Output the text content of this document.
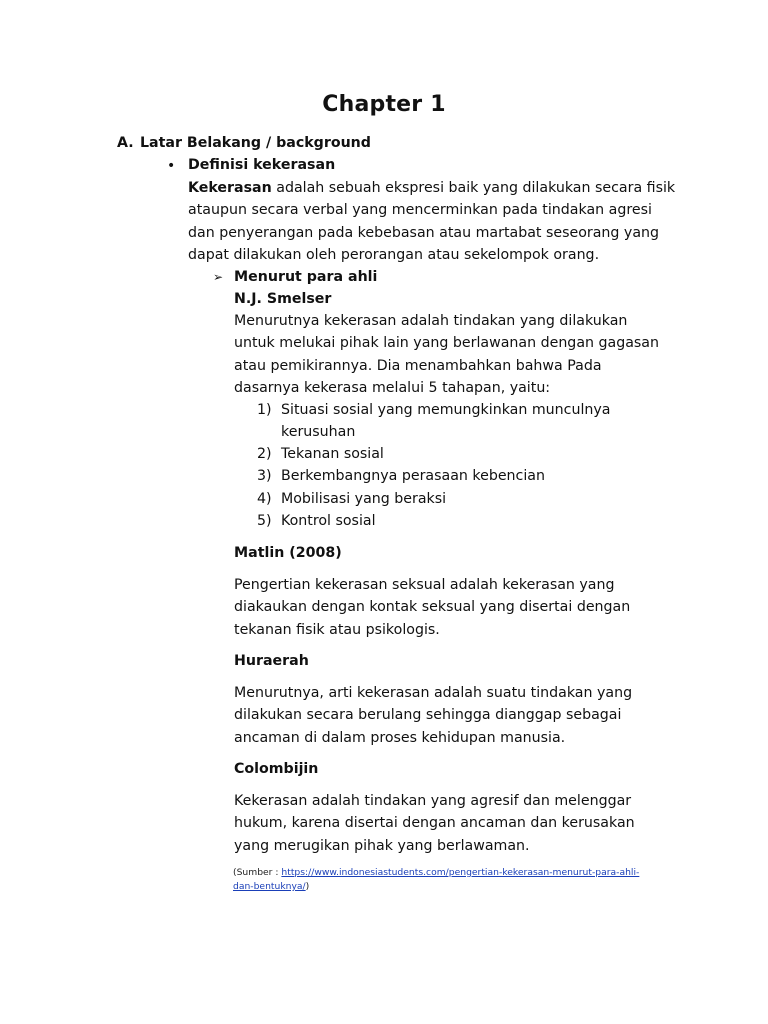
Chapter 1
A. Latar Belakang / background
• Definisi kekerasan
Kekerasan adalah sebuah ekspresi baik yang dilakukan secara fisik
ataupun secara verbal yang mencerminkan pada tindakan agresi
dan penyerangan pada kebebasan atau martabat seseorang yang
dapat dilakukan oleh perorangan atau sekelompok orang.
➢ Menurut para ahli
N.J. Smelser
Menurutnya kekerasan adalah tindakan yang dilakukan
untuk melukai pihak lain yang berlawanan dengan gagasan
atau pemikirannya. Dia menambahkan bahwa Pada
dasarnya kekerasa melalui 5 tahapan, yaitu:
1) Situasi sosial yang memungkinkan munculnya
kerusuhan
2) Tekanan sosial
3) Berkembangnya perasaan kebencian
4) Mobilisasi yang beraksi
5) Kontrol sosial
Matlin (2008)
Pengertian kekerasan seksual adalah kekerasan yang
diakaukan dengan kontak seksual yang disertai dengan
tekanan fisik atau psikologis.
Huraerah
Menurutnya, arti kekerasan adalah suatu tindakan yang
dilakukan secara berulang sehingga dianggap sebagai
ancaman di dalam proses kehidupan manusia.
Colombijin
Kekerasan adalah tindakan yang agresif dan melenggar
hukum, karena disertai dengan ancaman dan kerusakan
yang merugikan pihak yang berlawaman.
(Sumber : https://www.indonesiastudents.com/pengertian-kekerasan-menurut-para-ahli-
dan-bentuknya/)
